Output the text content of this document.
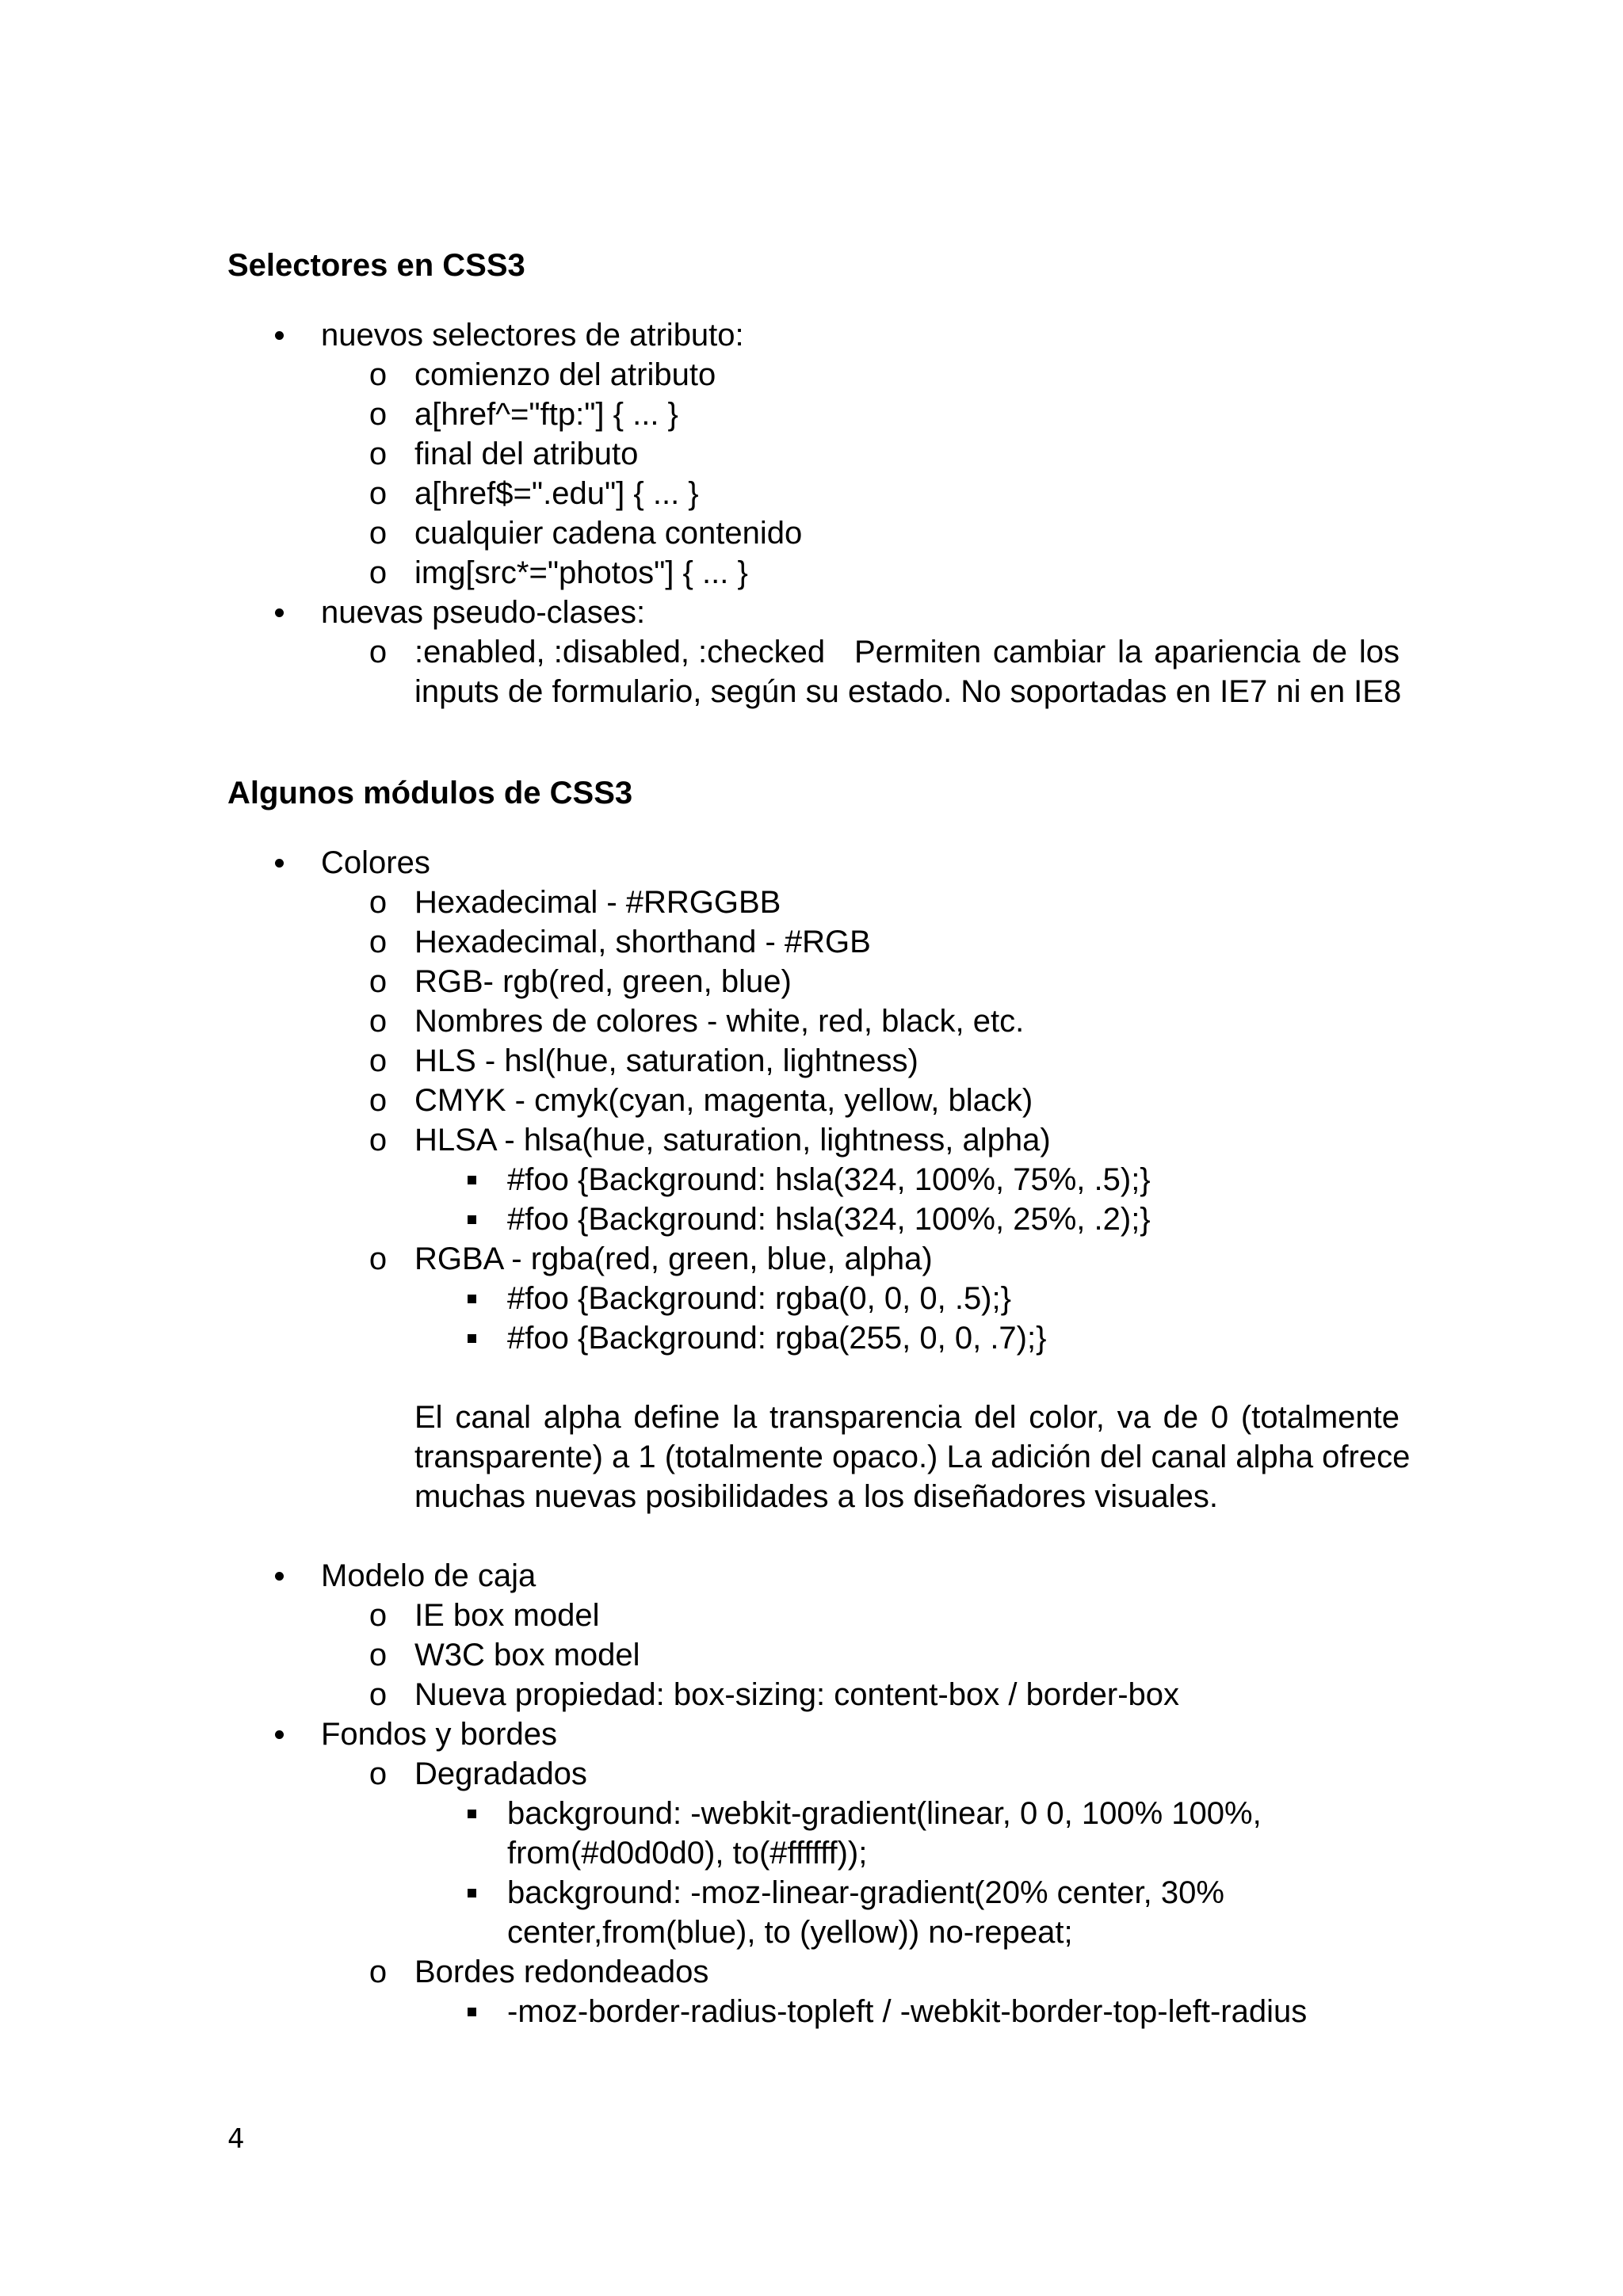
Selectores en CSS3
nuevos selectores de atributo:
o comienzo del atributo
o a[href^="ftp:"] { ... }
o final del atributo
o a[href$=".edu"] { ... }
o cualquier cadena contenido
o img[src*="photos"] { ... }
nuevas pseudo-clases:
o :enabled, :disabled, :checked Permiten cambiar la apariencia de los
inputs de formulario, según su estado. No soportadas en IE7 ni en IE8
Algunos módulos de CSS3
Colores
o Hexadecimal - #RRGGBB
o Hexadecimal, shorthand - #RGB
o RGB- rgb(red, green, blue)
o Nombres de colores - white, red, black, etc.
o HLS - hsl(hue, saturation, lightness)
o CMYK - cmyk(cyan, magenta, yellow, black)
o HLSA - hlsa(hue, saturation, lightness, alpha)
#foo {Background: hsla(324, 100%, 75%, .5);}
#foo {Background: hsla(324, 100%, 25%, .2);}
o RGBA - rgba(red, green, blue, alpha)
#foo {Background: rgba(0, 0, 0, .5);}
#foo {Background: rgba(255, 0, 0, .7);}
El canal alpha define la transparencia del color, va de 0 (totalmente
transparente) a 1 (totalmente opaco.) La adición del canal alpha ofrece
muchas nuevas posibilidades a los diseñadores visuales.
Modelo de caja
o IE box model
o W3C box model
o Nueva propiedad: box-sizing: content-box / border-box
Fondos y bordes
o Degradados
background: -webkit-gradient(linear, 0 0, 100% 100%,
from(#d0d0d0), to(#ffffff));
background: -moz-linear-gradient(20% center, 30%
center,from(blue), to (yellow)) no-repeat;
o Bordes redondeados
-moz-border-radius-topleft / -webkit-border-top-left-radius
4
